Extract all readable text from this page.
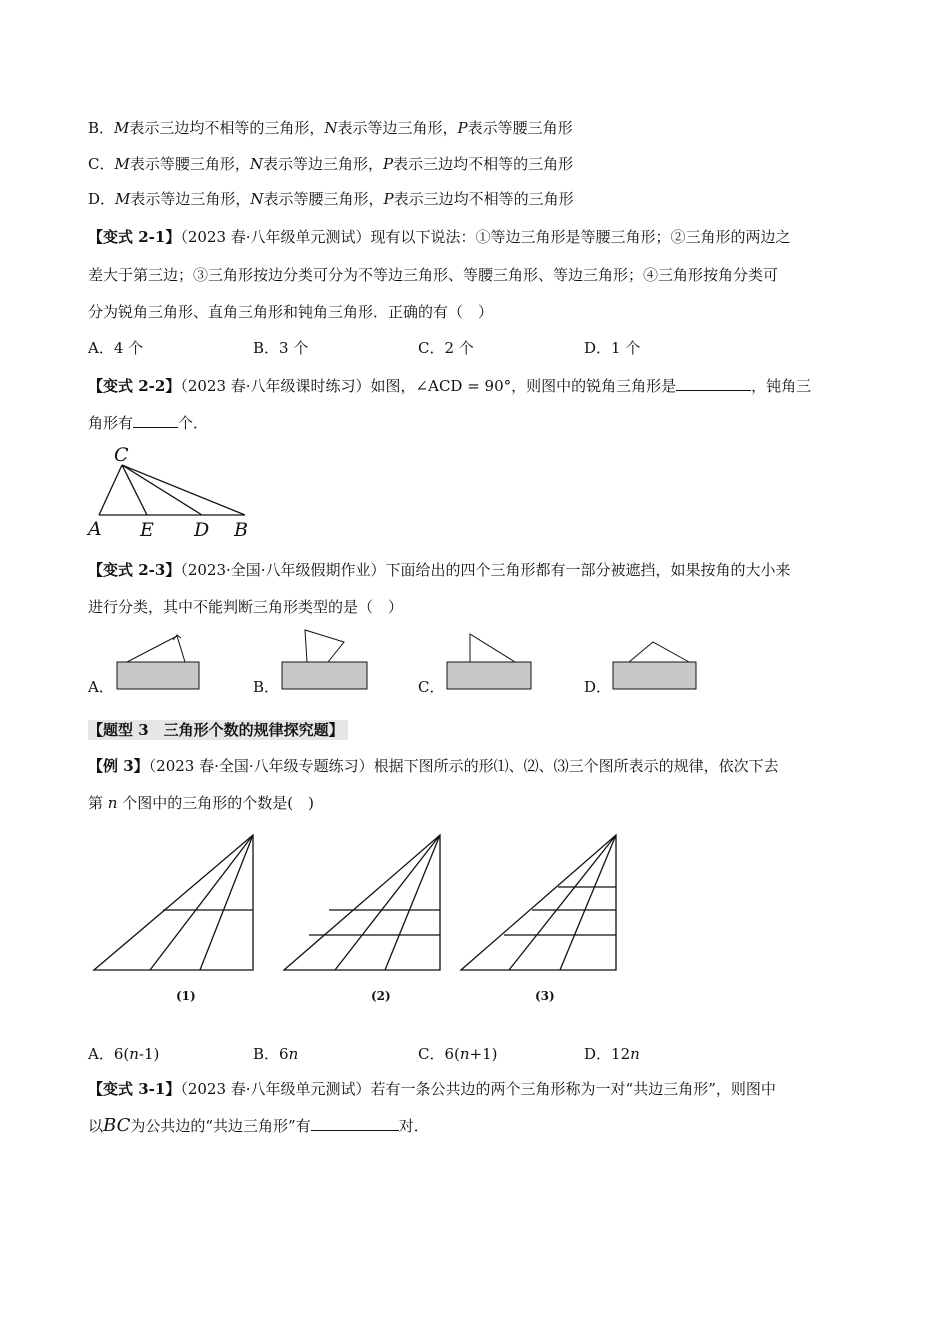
B．M表示三边均不相等的三角形，N表示等边三角形，P表示等腰三角形
C．M表示等腰三角形，N表示等边三角形，P表示三边均不相等的三角形
D．M表示等边三角形，N表示等腰三角形，P表示三边均不相等的三角形
【变式 2-1】（2023 春·八年级单元测试）现有以下说法：①等边三角形是等腰三角形；②三角形的两边之
差大于第三边；③三角形按边分类可分为不等边三角形、等腰三角形、等边三角形；④三角形按角分类可
分为锐角三角形、直角三角形和钝角三角形．正确的有（　）
A．4 个	B．3 个	C．2 个	D．1 个
【变式 2-2】（2023 春·八年级课时练习）如图，∠ACD = 90°，则图中的锐角三角形是	，钝角三
角形有	个．
C
A E D B
【变式 2-3】（2023·全国·八年级假期作业）下面给出的四个三角形都有一部分被遮挡，如果按角的大小来
进行分类，其中不能判断三角形类型的是（　）
A．	B．	C．	D．
【题型 3　三角形个数的规律探究题】
【例 3】（2023 春·全国·八年级专题练习）根据下图所示的形⑴、⑵、⑶三个图所表示的规律，依次下去
第 n 个图中的三角形的个数是(　)
(1)	(2)	(3)
A．6(n-1)	B．6n	C．6(n+1)	D．12n
【变式 3-1】（2023 春·八年级单元测试）若有一条公共边的两个三角形称为一对“共边三角形”，则图中
以BC为公共边的“共边三角形”有	对．
